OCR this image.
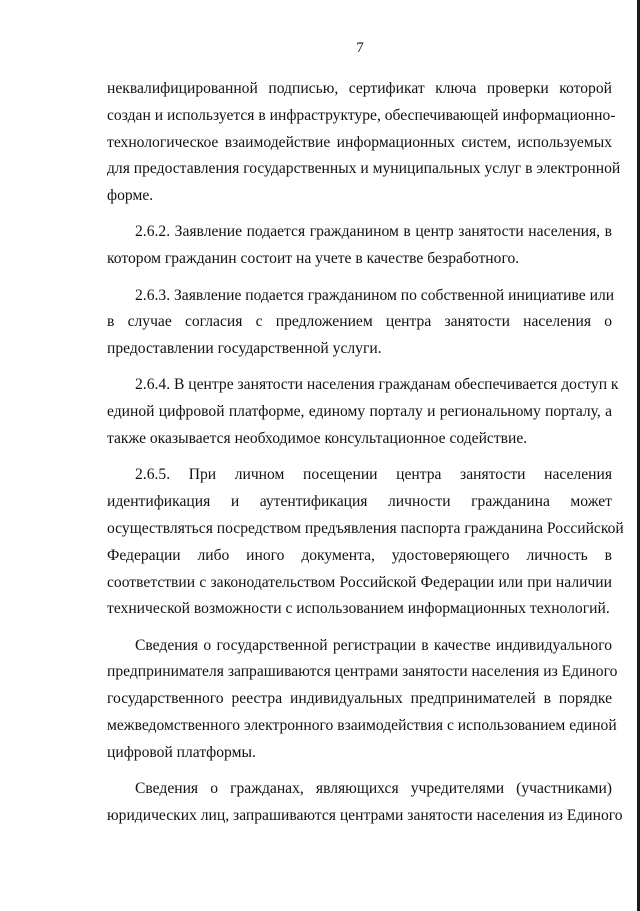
7
неквалифицированной подписью, сертификат ключа проверки которой
создан и используется в инфраструктуре, обеспечивающей информационно-
технологическое взаимодействие информационных систем, используемых
для предоставления государственных и муниципальных услуг в электронной
форме.
2.6.2. Заявление подается гражданином в центр занятости населения, в
котором гражданин состоит на учете в качестве безработного.
2.6.3. Заявление подается гражданином по собственной инициативе или
в случае согласия с предложением центра занятости населения о
предоставлении государственной услуги.
2.6.4. В центре занятости населения гражданам обеспечивается доступ к
единой цифровой платформе, единому порталу и региональному порталу, а
также оказывается необходимое консультационное содействие.
2.6.5. При личном посещении центра занятости населения
идентификация и аутентификация личности гражданина может
осуществляться посредством предъявления паспорта гражданина Российской
Федерации либо иного документа, удостоверяющего личность в
соответствии с законодательством Российской Федерации или при наличии
технической возможности с использованием информационных технологий.
Сведения о государственной регистрации в качестве индивидуального
предпринимателя запрашиваются центрами занятости населения из Единого
государственного реестра индивидуальных предпринимателей в порядке
межведомственного электронного взаимодействия с использованием единой
цифровой платформы.
Сведения о гражданах, являющихся учредителями (участниками)
юридических лиц, запрашиваются центрами занятости населения из Единого
